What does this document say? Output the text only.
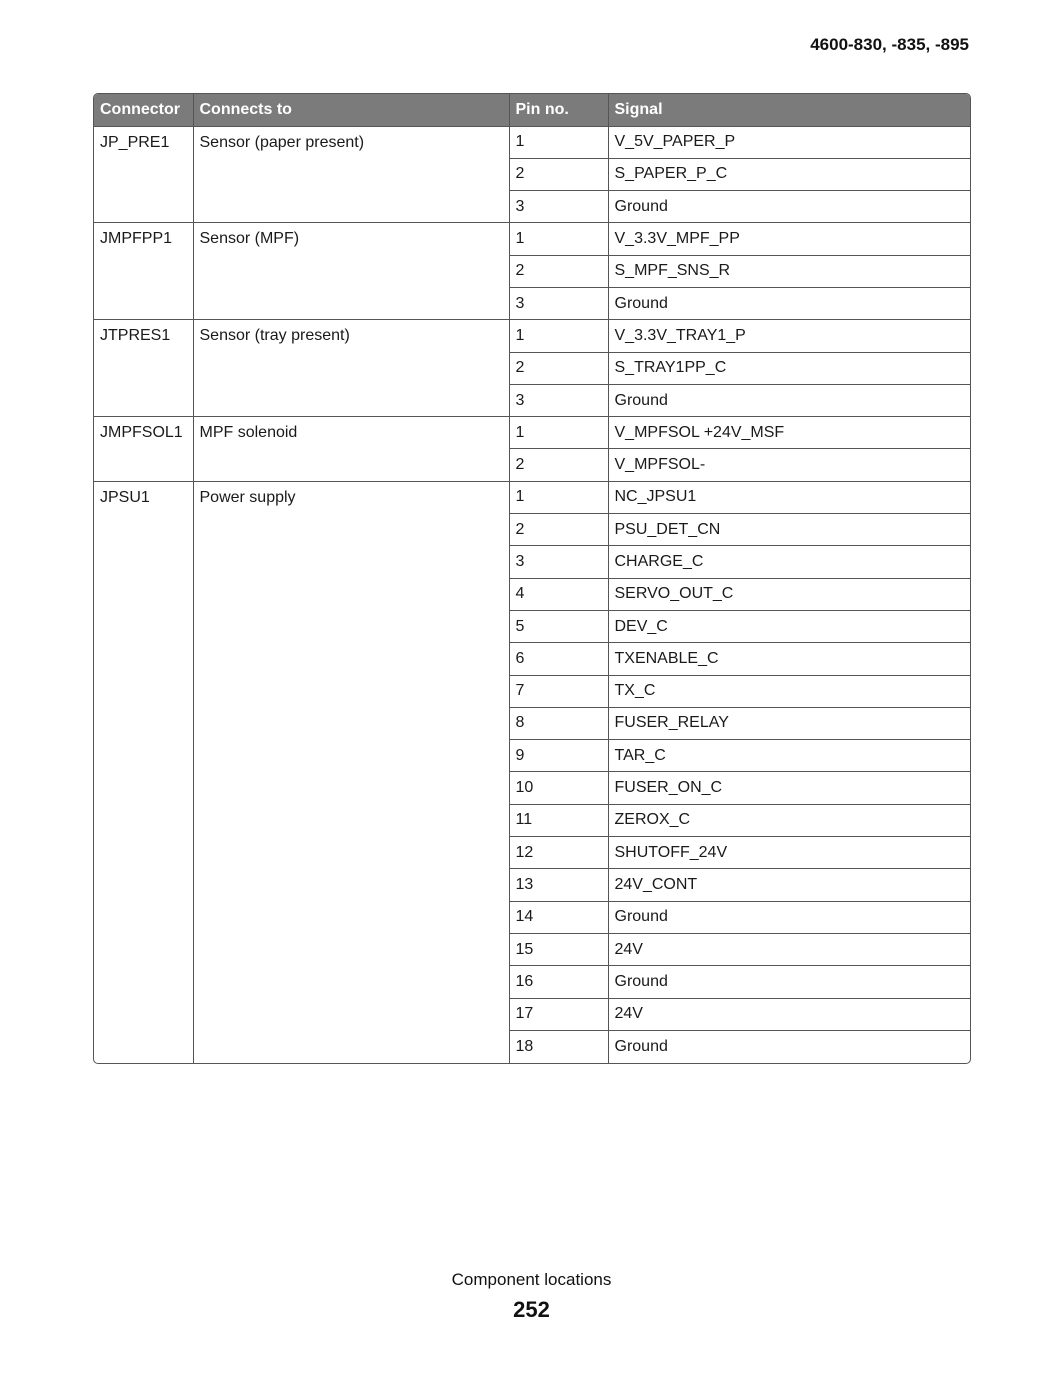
4600-830, -835, -895
Connector	Connects to	Pin no.	Signal
JP_PRE1	Sensor (paper present)	1	V_5V_PAPER_P
		2	S_PAPER_P_C
		3	Ground
JMPFPP1	Sensor (MPF)	1	V_3.3V_MPF_PP
		2	S_MPF_SNS_R
		3	Ground
JTPRES1	Sensor (tray present)	1	V_3.3V_TRAY1_P
		2	S_TRAY1PP_C
		3	Ground
JMPFSOL1	MPF solenoid	1	V_MPFSOL +24V_MSF
		2	V_MPFSOL-
JPSU1	Power supply	1	NC_JPSU1
		2	PSU_DET_CN
		3	CHARGE_C
		4	SERVO_OUT_C
		5	DEV_C
		6	TXENABLE_C
		7	TX_C
		8	FUSER_RELAY
		9	TAR_C
		10	FUSER_ON_C
		11	ZEROX_C
		12	SHUTOFF_24V
		13	24V_CONT
		14	Ground
		15	24V
		16	Ground
		17	24V
		18	Ground
Component locations
252
